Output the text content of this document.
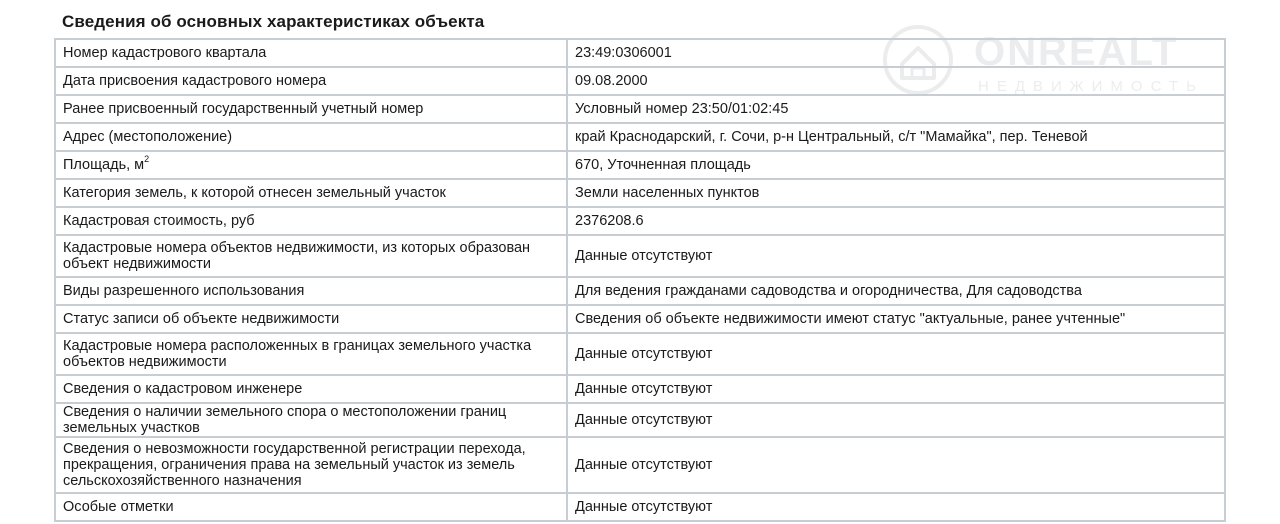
Сведения об основных характеристиках объекта
ONREALT
НЕДВИЖИМОСТЬ
Номер кадастрового квартала	23:49:0306001
Дата присвоения кадастрового номера	09.08.2000
Ранее присвоенный государственный учетный номер	Условный номер 23:50/01:02:45
Адрес (местоположение)	край Краснодарский, г. Сочи, р-н Центральный, с/т "Мамайка", пер. Теневой
Площадь, $м^2$	670, Уточненная площадь
Категория земель, к которой отнесен земельный участок	Земли населенных пунктов
Кадастровая стоимость, руб	2376208.6
Кадастровые номера объектов недвижимости, из которых образован объект недвижимости	Данные отсутствуют
Виды разрешенного использования	Для ведения гражданами садоводства и огородничества, Для садоводства
Статус записи об объекте недвижимости	Сведения об объекте недвижимости имеют статус "актуальные, ранее учтенные"
Кадастровые номера расположенных в границах земельного участка объектов недвижимости	Данные отсутствуют
Сведения о кадастровом инженере	Данные отсутствуют
Сведения о наличии земельного спора о местоположении границ земельных участков	Данные отсутствуют
Сведения о невозможности государственной регистрации перехода, прекращения, ограничения права на земельный участок из земель сельскохозяйственного назначения	Данные отсутствуют
Особые отметки	Данные отсутствуют
